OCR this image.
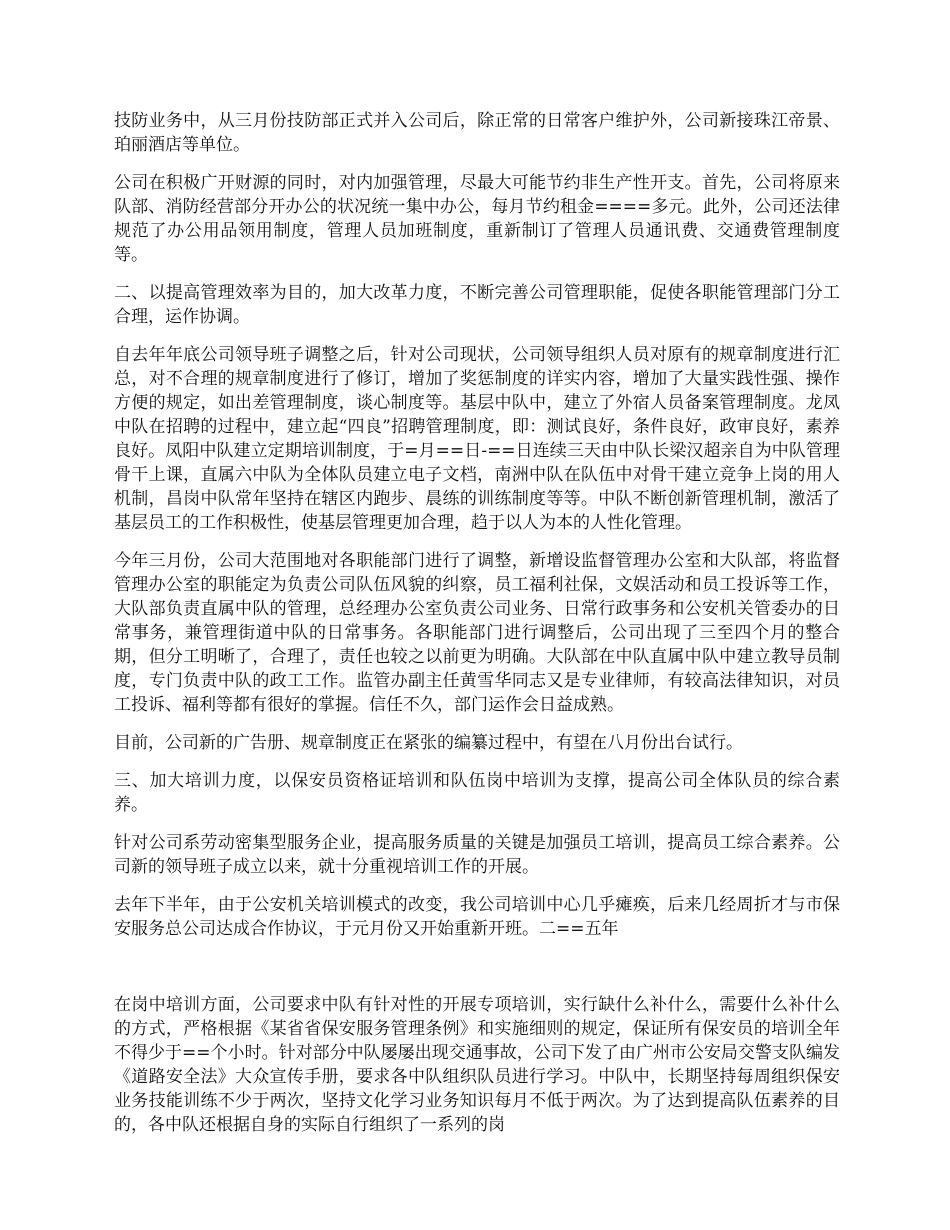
技防业务中，从三月份技防部正式并入公司后，除正常的日常客户维护外，公司新接珠江帝景、珀丽酒店等单位。

公司在积极广开财源的同时，对内加强管理，尽最大可能节约非生产性开支。首先，公司将原来队部、消防经营部分开办公的状况统一集中办公，每月节约租金====多元。此外，公司还法律规范了办公用品领用制度，管理人员加班制度，重新制订了管理人员通讯费、交通费管理制度等。

二、以提高管理效率为目的，加大改革力度，不断完善公司管理职能，促使各职能管理部门分工合理，运作协调。

自去年年底公司领导班子调整之后，针对公司现状，公司领导组织人员对原有的规章制度进行汇总，对不合理的规章制度进行了修订，增加了奖惩制度的详实内容，增加了大量实践性强、操作方便的规定，如出差管理制度，谈心制度等。基层中队中，建立了外宿人员备案管理制度。龙凤中队在招聘的过程中，建立起“四良”招聘管理制度，即：测试良好，条件良好，政审良好，素养良好。凤阳中队建立定期培训制度，于=月==日-==日连续三天由中队长梁汉超亲自为中队管理骨干上课，直属六中队为全体队员建立电子文档，南洲中队在队伍中对骨干建立竞争上岗的用人机制，昌岗中队常年坚持在辖区内跑步、晨练的训练制度等等。中队不断创新管理机制，激活了基层员工的工作积极性，使基层管理更加合理，趋于以人为本的人性化管理。

今年三月份，公司大范围地对各职能部门进行了调整，新增设监督管理办公室和大队部，将监督管理办公室的职能定为负责公司队伍风貌的纠察，员工福利社保，文娱活动和员工投诉等工作，大队部负责直属中队的管理，总经理办公室负责公司业务、日常行政事务和公安机关管委办的日常事务，兼管理街道中队的日常事务。各职能部门进行调整后，公司出现了三至四个月的整合期，但分工明晰了，合理了，责任也较之以前更为明确。大队部在中队直属中队中建立教导员制度，专门负责中队的政工工作。监管办副主任黄雪华同志又是专业律师，有较高法律知识，对员工投诉、福利等都有很好的掌握。信任不久，部门运作会日益成熟。

目前，公司新的广告册、规章制度正在紧张的编纂过程中，有望在八月份出台试行。

三、加大培训力度，以保安员资格证培训和队伍岗中培训为支撑，提高公司全体队员的综合素养。

针对公司系劳动密集型服务企业，提高服务质量的关键是加强员工培训，提高员工综合素养。公司新的领导班子成立以来，就十分重视培训工作的开展。

去年下半年，由于公安机关培训模式的改变，我公司培训中心几乎瘫痪，后来几经周折才与市保安服务总公司达成合作协议，于元月份又开始重新开班。二==五年

在岗中培训方面，公司要求中队有针对性的开展专项培训，实行缺什么补什么，需要什么补什么的方式，严格根据《某省省保安服务管理条例》和实施细则的规定，保证所有保安员的培训全年不得少于==个小时。针对部分中队屡屡出现交通事故，公司下发了由广州市公安局交警支队编发《道路安全法》大众宣传手册，要求各中队组织队员进行学习。中队中，长期坚持每周组织保安业务技能训练不少于两次，坚持文化学习业务知识每月不低于两次。为了达到提高队伍素养的目的，各中队还根据自身的实际自行组织了一系列的岗
